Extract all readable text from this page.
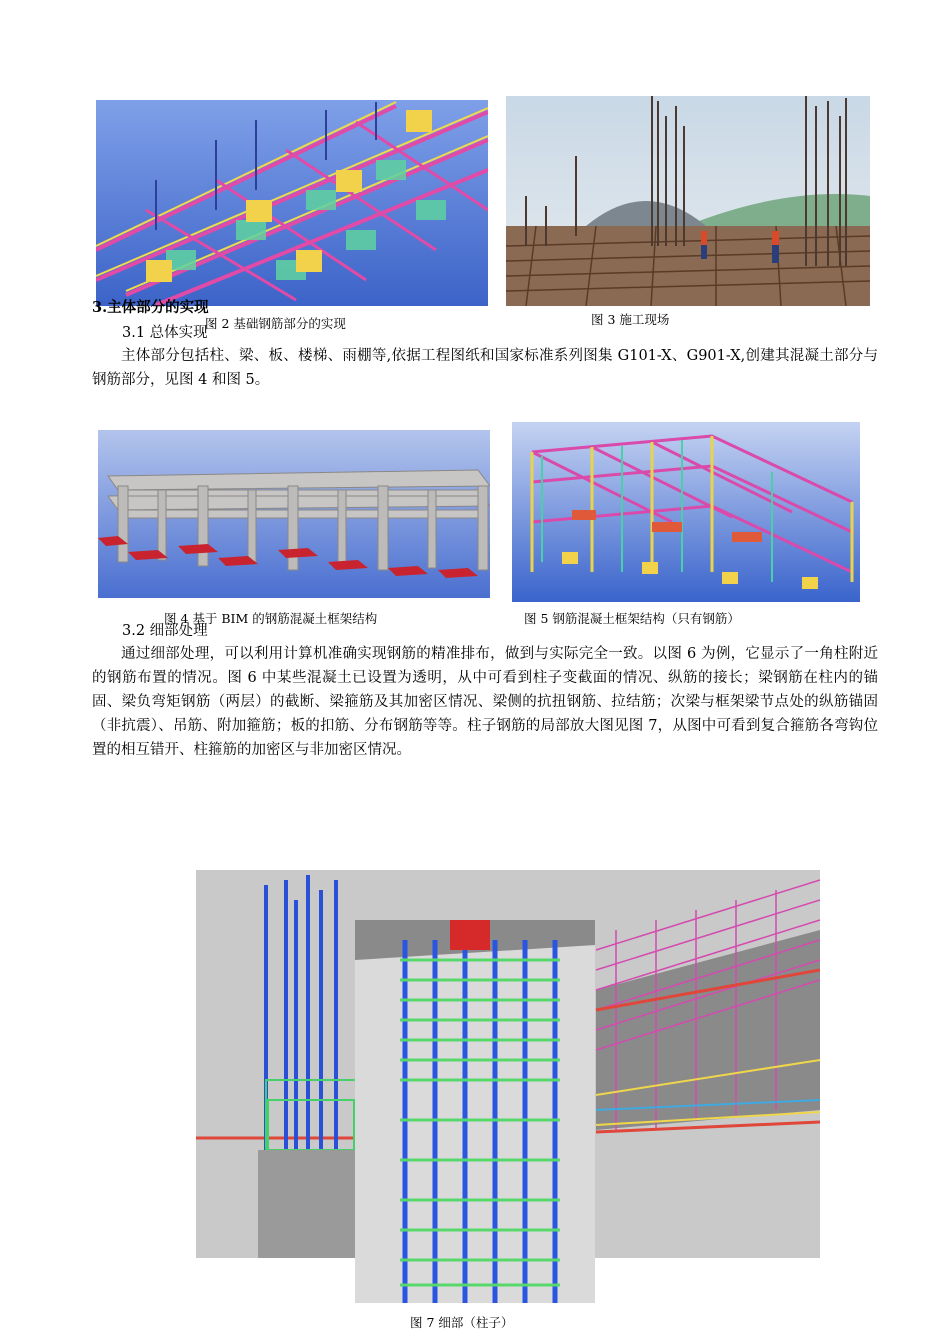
图 2 基础钢筋部分的实现	图 3 施工现场
3.主体部分的实现
3.1 总体实现
主体部分包括柱、梁、板、楼梯、雨棚等,依据工程图纸和国家标准系列图集 G101-X、G901-X,创建其混凝土部分与钢筋部分，见图 4 和图 5。
图 4 基于 BIM 的钢筋混凝土框架结构	图 5 钢筋混凝土框架结构（只有钢筋）
3.2 细部处理
通过细部处理，可以利用计算机准确实现钢筋的精准排布，做到与实际完全一致。以图 6 为例，它显示了一角柱附近的钢筋布置的情况。图 6 中某些混凝土已设置为透明，从中可看到柱子变截面的情况、纵筋的接长；梁钢筋在柱内的锚固、梁负弯矩钢筋（两层）的截断、梁箍筋及其加密区情况、梁侧的抗扭钢筋、拉结筋；次梁与框架梁节点处的纵筋锚固（非抗震）、吊筋、附加箍筋；板的扣筋、分布钢筋等等。柱子钢筋的局部放大图见图 7，从图中可看到复合箍筋各弯钩位置的相互错开、柱箍筋的加密区与非加密区情况。
图 7 细部（柱子）
